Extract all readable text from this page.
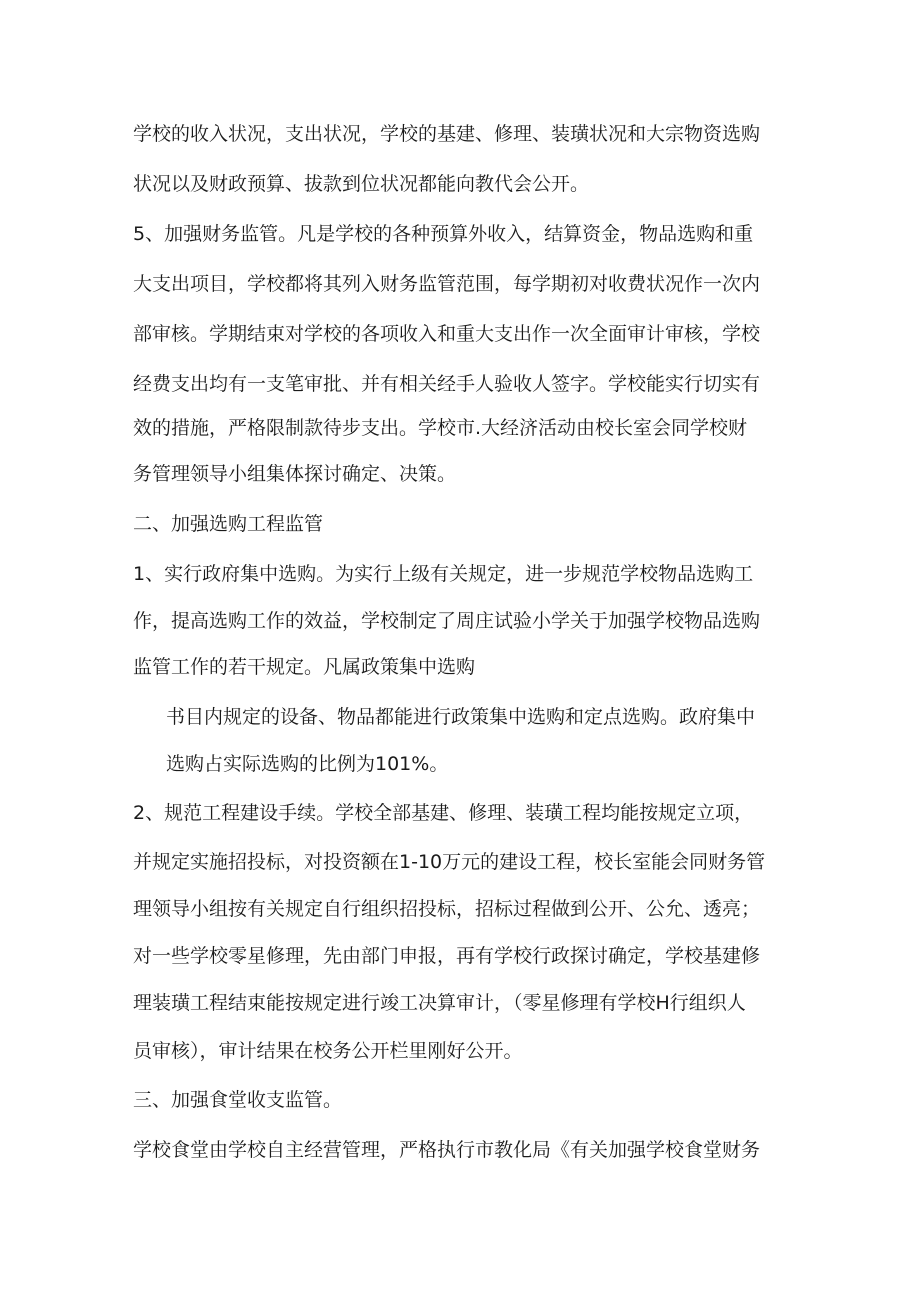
学校的收入状况，支出状况，学校的基建、修理、装璜状况和大宗物资选购

状况以及财政预算、拔款到位状况都能向教代会公开。

5、加强财务监管。凡是学校的各种预算外收入，结算资金，物品选购和重

大支出项目，学校都将其列入财务监管范围，每学期初对收费状况作一次内

部审核。学期结束对学校的各项收入和重大支出作一次全面审计审核，学校

经费支出均有一支笔审批、并有相关经手人验收人签字。学校能实行切实有

效的措施，严格限制款待步支出。学校市.大经济活动由校长室会同学校财

务管理领导小组集体探讨确定、决策。

二、加强选购工程监管

1、实行政府集中选购。为实行上级有关规定，进一步规范学校物品选购工

作，提高选购工作的效益，学校制定了周庄试验小学关于加强学校物品选购

监管工作的若干规定。凡属政策集中选购

书目内规定的设备、物品都能进行政策集中选购和定点选购。政府集中

选购占实际选购的比例为101%。

2、规范工程建设手续。学校全部基建、修理、装璜工程均能按规定立项，

并规定实施招投标，对投资额在1-10万元的建设工程，校长室能会同财务管

理领导小组按有关规定自行组织招投标，招标过程做到公开、公允、透亮；

对一些学校零星修理，先由部门申报，再有学校行政探讨确定，学校基建修

理装璜工程结束能按规定进行竣工决算审计，（零星修理有学校H行组织人

员审核），审计结果在校务公开栏里刚好公开。

三、加强食堂收支监管。

学校食堂由学校自主经营管理，严格执行市教化局《有关加强学校食堂财务
